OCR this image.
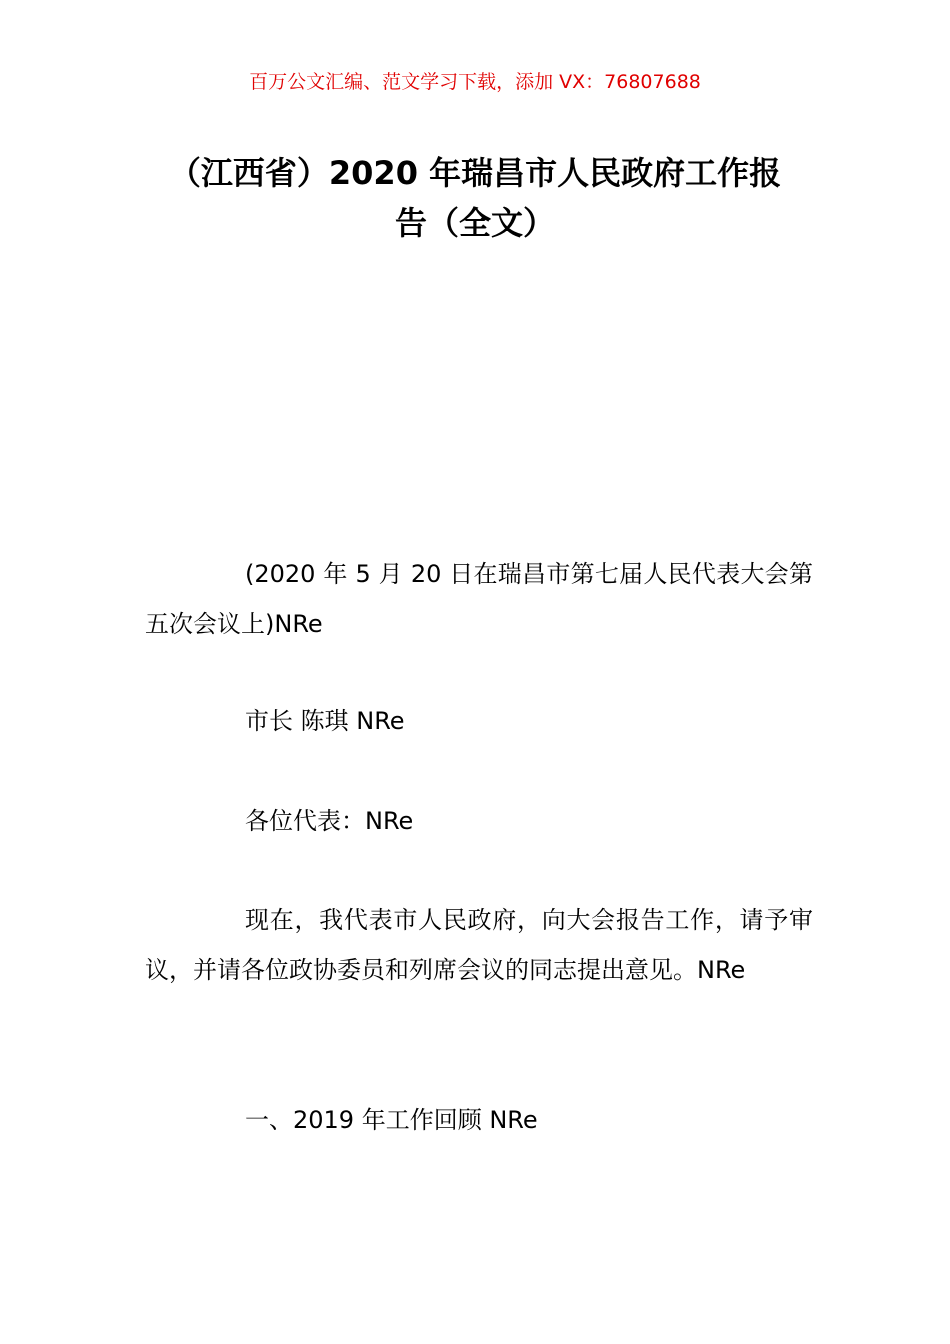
百万公文汇编、范文学习下载，添加 VX：76807688
（江西省）2020 年瑞昌市人民政府工作报
告（全文）

(2020 年 5 月 20 日在瑞昌市第七届人民代表大会第五次会议上)NRe

市长 陈琪 NRe

各位代表：NRe

现在，我代表市人民政府，向大会报告工作，请予审议，并请各位政协委员和列席会议的同志提出意见。NRe

一、2019 年工作回顾 NRe
